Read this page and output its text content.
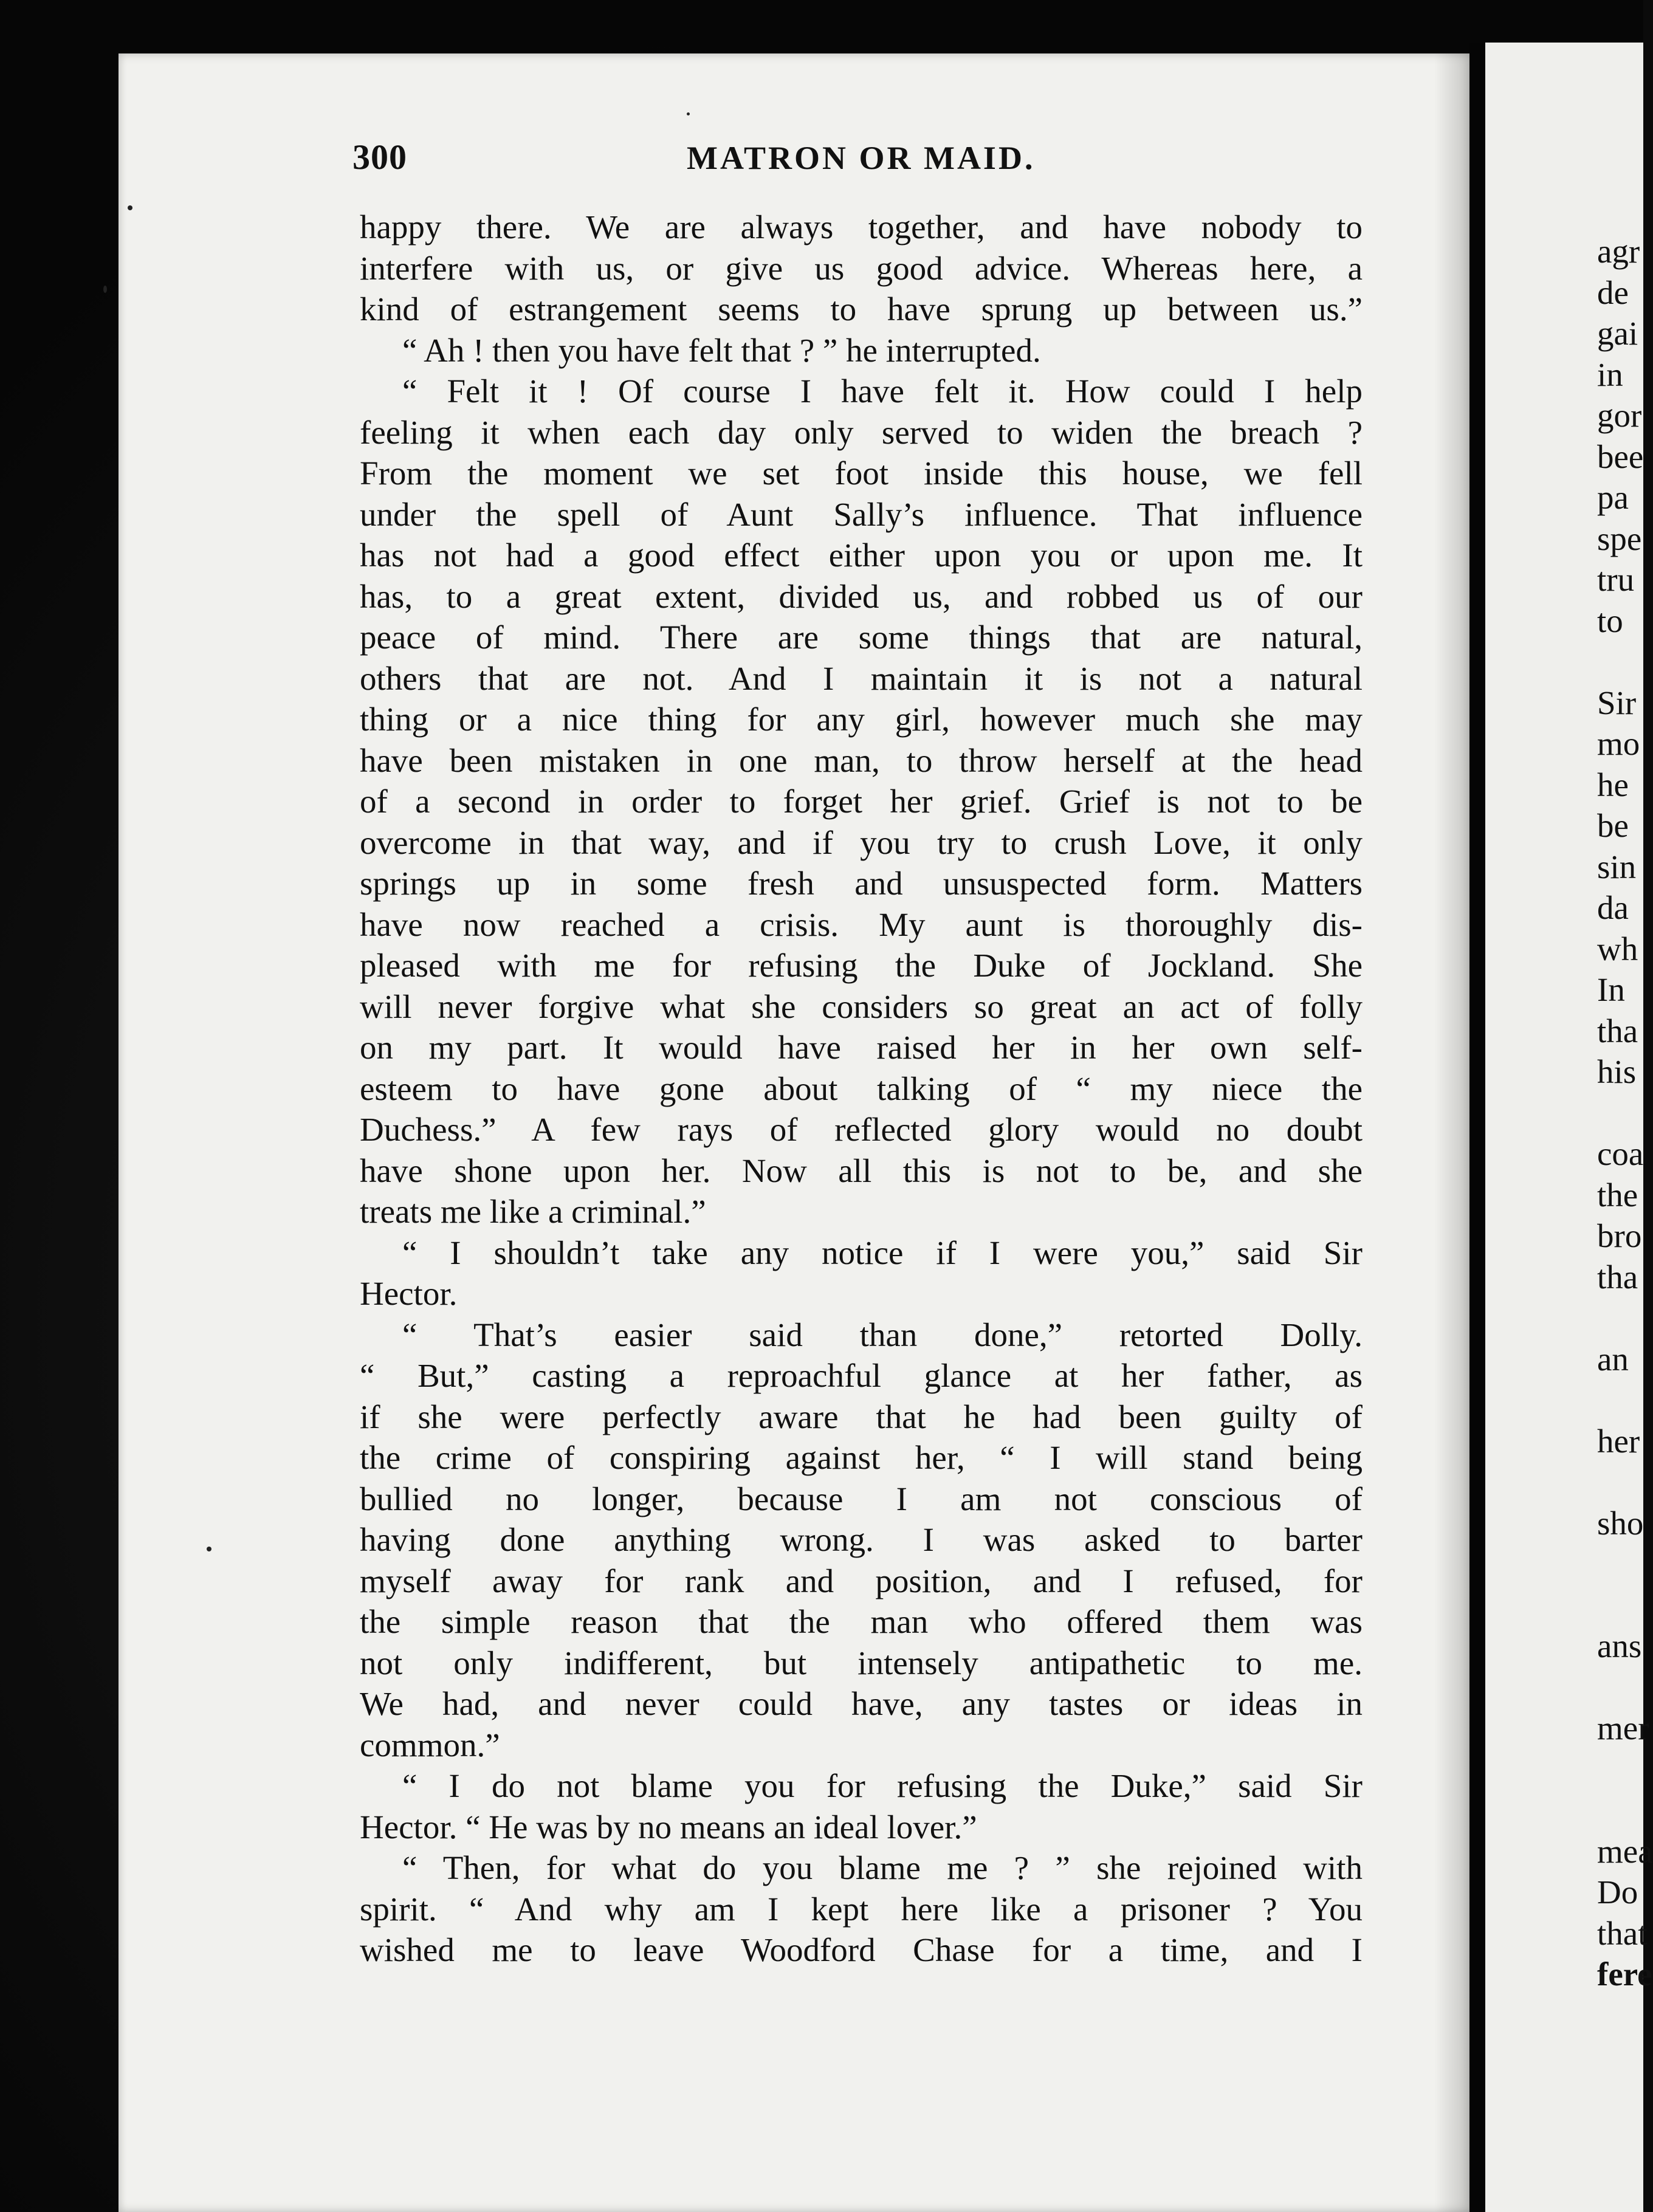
300	MATRON OR MAID.
happy there. We are always together, and have nobody to
interfere with us, or give us good advice. Whereas here, a
kind of estrangement seems to have sprung up between us.”
“ Ah ! then you have felt that ? ” he interrupted.
“ Felt it ! Of course I have felt it. How could I help
feeling it when each day only served to widen the breach ?
From the moment we set foot inside this house, we fell
under the spell of Aunt Sally’s influence. That influence
has not had a good effect either upon you or upon me. It
has, to a great extent, divided us, and robbed us of our
peace of mind. There are some things that are natural,
others that are not. And I maintain it is not a natural
thing or a nice thing for any girl, however much she may
have been mistaken in one man, to throw herself at the head
of a second in order to forget her grief. Grief is not to be
overcome in that way, and if you try to crush Love, it only
springs up in some fresh and unsuspected form. Matters
have now reached a crisis. My aunt is thoroughly dis-
pleased with me for refusing the Duke of Jockland. She
will never forgive what she considers so great an act of folly
on my part. It would have raised her in her own self-
esteem to have gone about talking of “ my niece the
Duchess.” A few rays of reflected glory would no doubt
have shone upon her. Now all this is not to be, and she
treats me like a criminal.”
“ I shouldn’t take any notice if I were you,” said Sir
Hector.
“ That’s easier said than done,” retorted Dolly.
“ But,” casting a reproachful glance at her father, as
if she were perfectly aware that he had been guilty of
the crime of conspiring against her, “ I will stand being
bullied no longer, because I am not conscious of
having done anything wrong. I was asked to barter
myself away for rank and position, and I refused, for
the simple reason that the man who offered them was
not only indifferent, but intensely antipathetic to me.
We had, and never could have, any tastes or ideas in
common.”
“ I do not blame you for refusing the Duke,” said Sir
Hector. “ He was by no means an ideal lover.”
“ Then, for what do you blame me ? ” she rejoined with
spirit. “ And why am I kept here like a prisoner ? You
wished me to leave Woodford Chase for a time, and I
agr
de
gai
in
gor
bee
pa
spe
tru
to
Sir
mo
he
be
sin
da
wh
In
tha
his
coa
the
bro
tha
an
her
sho
ans
mer
mea
Do
that
fere
